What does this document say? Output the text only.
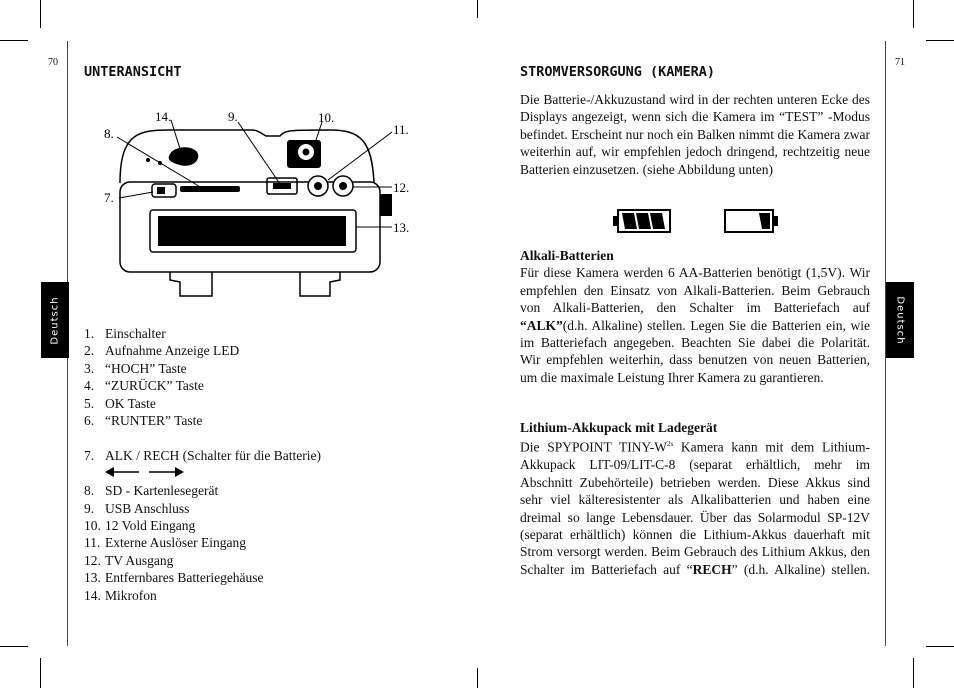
70	71
Deutsch	Deutsch
UNTERANSICHT
14.	9.	10.
8.	11.
12.
7.
13.
1. Einschalter
2. Aufnahme Anzeige LED
3. “HOCH” Taste
4. “ZURÜCK” Taste
5. OK Taste
6. “RUNTER” Taste
7. ALK / RECH (Schalter für die Batterie)
8. SD - Kartenlesegerät
9. USB Anschluss
10. 12 Vold Eingang
11. Externe Auslöser Eingang
12. TV Ausgang
13. Entfernbares Batteriegehäuse
14. Mikrofon
STROMVERSORGUNG (KAMERA)

Die Batterie-/Akkuzustand wird in der rechten unteren Ecke des Displays angezeigt, wenn sich die Kamera im “TEST” -Modus befindet. Erscheint nur noch ein Balken nimmt die Kamera zwar weiterhin auf, wir empfehlen jedoch dringend, rechtzeitig neue Batterien einzusetzen. (siehe Abbildung unten)

Alkali-Batterien

Für diese Kamera werden 6 AA-Batterien benötigt (1,5V). Wir empfehlen den Einsatz von Alkali-Batterien. Beim Gebrauch von Alkali-Batterien, den Schalter im Batteriefach auf “ALK”(d.h. Alkaline) stellen. Legen Sie die Batterien ein, wie im Batteriefach angegeben. Beachten Sie dabei die Polarität. Wir empfehlen weiterhin, dass benutzen von neuen Batterien, um die maximale Leistung Ihrer Kamera zu garantieren.

Lithium-Akkupack mit Ladegerät

Die SPYPOINT TINY-$W^{2s}$ Kamera kann mit dem Lithium-Akkupack LIT-09/LIT-C-8 (separat erhältlich, mehr im Abschnitt Zubehörteile) betrieben werden. Diese Akkus sind sehr viel kälteresistenter als Alkalibatterien und haben eine dreimal so lange Lebensdauer. Über das Solarmodul SP-12V (separat erhältlich) können die Lithium-Akkus dauerhaft mit Strom versorgt werden. Beim Gebrauch des Lithium Akkus, den Schalter im Batteriefach auf “RECH” (d.h. Alkaline) stellen.
